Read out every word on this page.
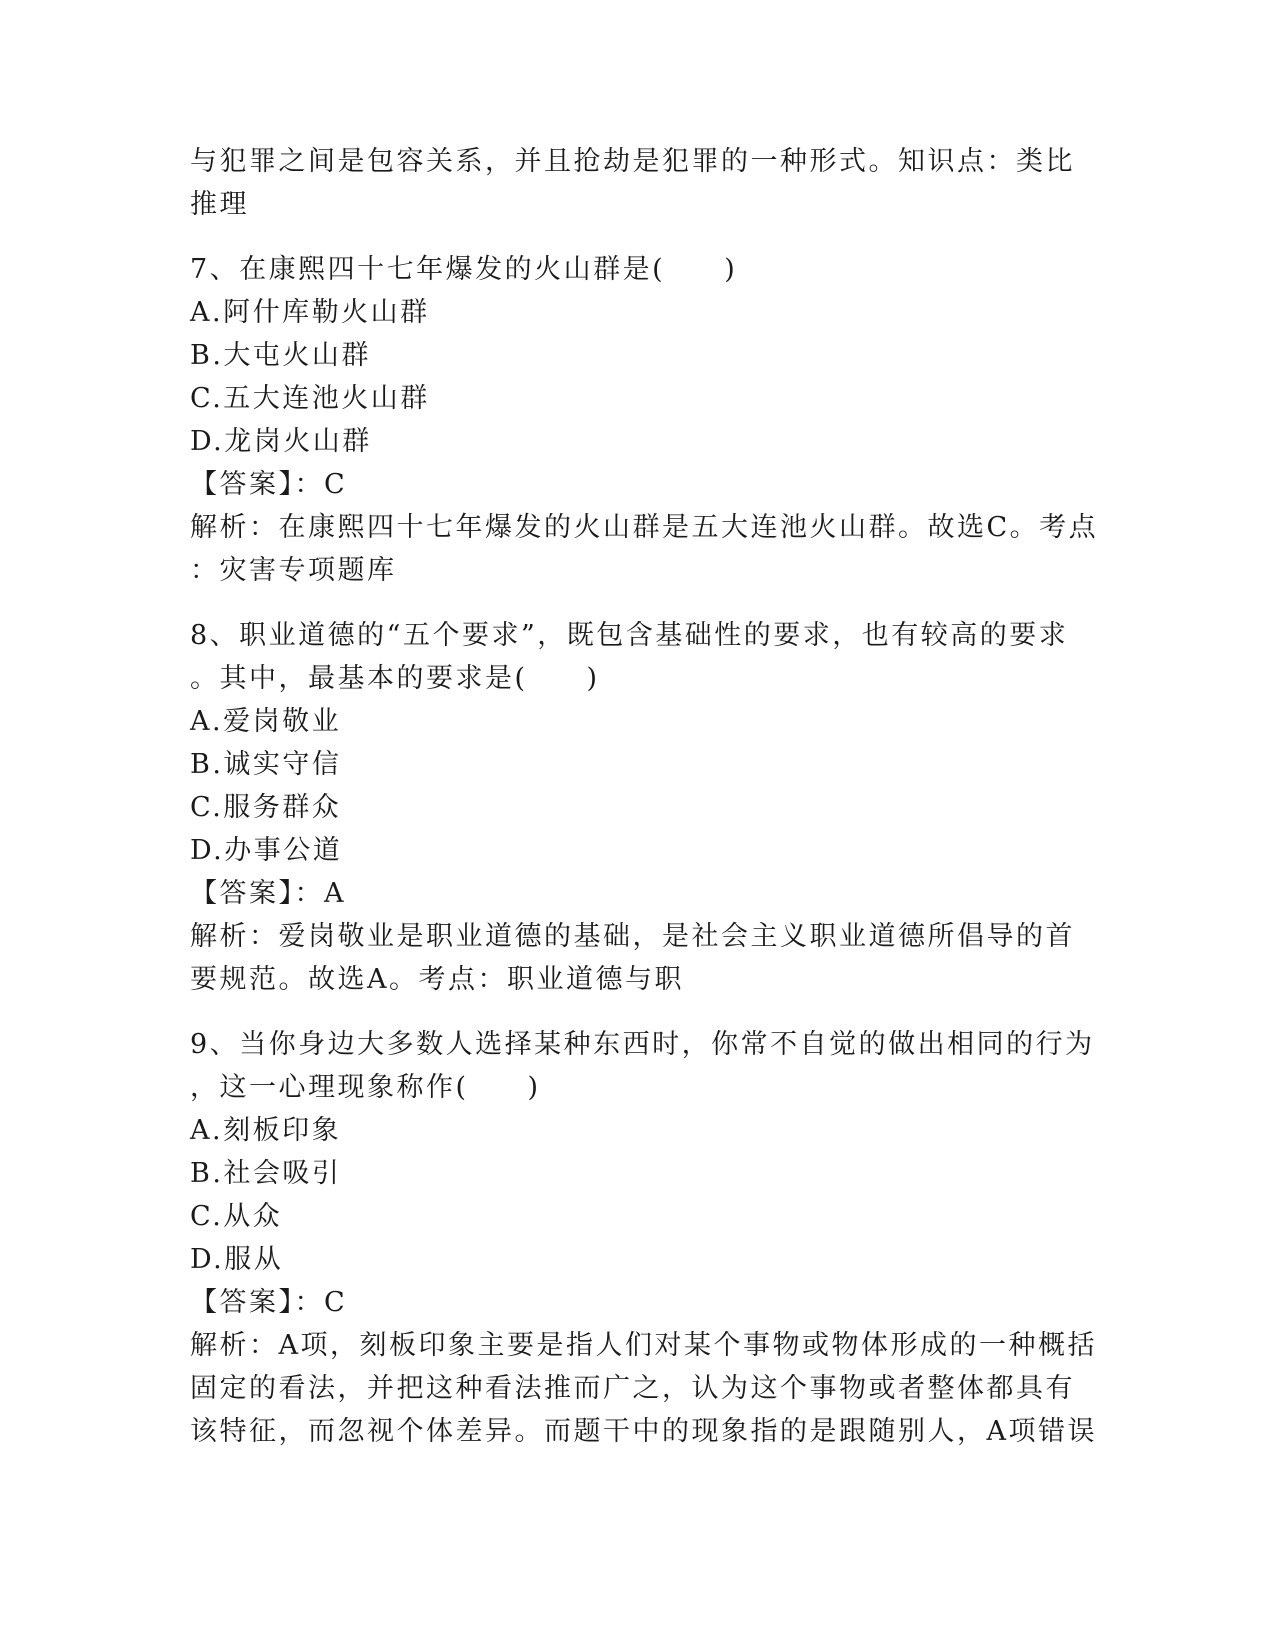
与犯罪之间是包容关系，并且抢劫是犯罪的一种形式。知识点：类比
推理
7、在康熙四十七年爆发的火山群是(　　)
A.阿什库勒火山群
B.大屯火山群
C.五大连池火山群
D.龙岗火山群
【答案】：C
解析：在康熙四十七年爆发的火山群是五大连池火山群。故选C。考点
：灾害专项题库
8、职业道德的“五个要求”，既包含基础性的要求，也有较高的要求
。其中，最基本的要求是(　　)
A.爱岗敬业
B.诚实守信
C.服务群众
D.办事公道
【答案】：A
解析：爱岗敬业是职业道德的基础，是社会主义职业道德所倡导的首
要规范。故选A。考点：职业道德与职
9、当你身边大多数人选择某种东西时，你常不自觉的做出相同的行为
，这一心理现象称作(　　)
A.刻板印象
B.社会吸引
C.从众
D.服从
【答案】：C
解析：A项，刻板印象主要是指人们对某个事物或物体形成的一种概括
固定的看法，并把这种看法推而广之，认为这个事物或者整体都具有
该特征，而忽视个体差异。而题干中的现象指的是跟随别人，A项错误
